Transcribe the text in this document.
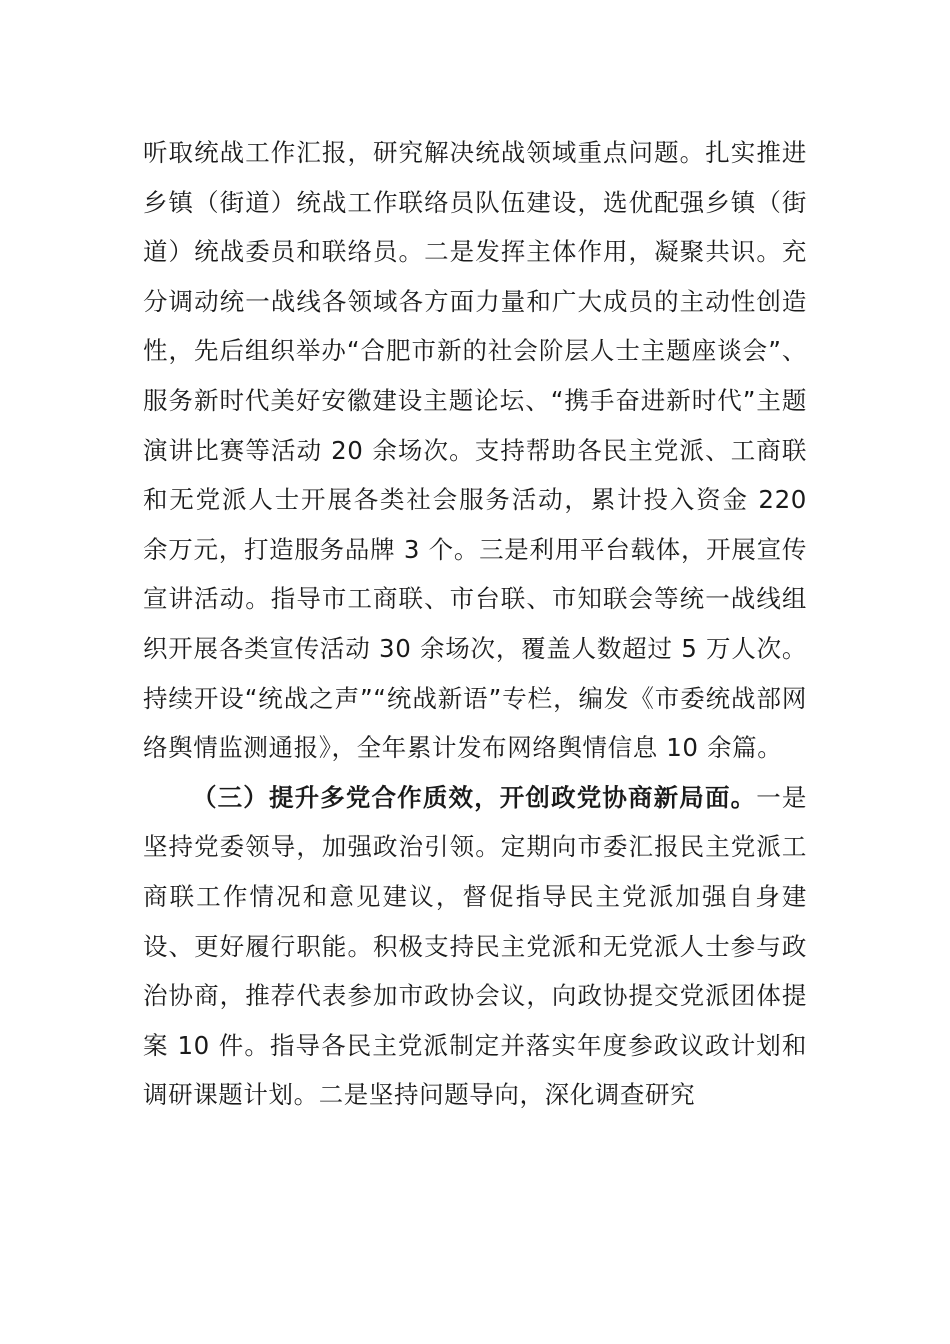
听取统战工作汇报，研究解决统战领域重点问题。扎实推进乡镇（街道）统战工作联络员队伍建设，选优配强乡镇（街道）统战委员和联络员。二是发挥主体作用，凝聚共识。充分调动统一战线各领域各方面力量和广大成员的主动性创造性，先后组织举办“合肥市新的社会阶层人士主题座谈会”、服务新时代美好安徽建设主题论坛、“携手奋进新时代”主题演讲比赛等活动 20 余场次。支持帮助各民主党派、工商联和无党派人士开展各类社会服务活动，累计投入资金 220 余万元，打造服务品牌 3 个。三是利用平台载体，开展宣传宣讲活动。指导市工商联、市台联、市知联会等统一战线组织开展各类宣传活动 30 余场次，覆盖人数超过 5 万人次。持续开设“统战之声”“统战新语”专栏，编发《市委统战部网络舆情监测通报》，全年累计发布网络舆情信息 10 余篇。

（三）提升多党合作质效，开创政党协商新局面。一是坚持党委领导，加强政治引领。定期向市委汇报民主党派工商联工作情况和意见建议，督促指导民主党派加强自身建设、更好履行职能。积极支持民主党派和无党派人士参与政治协商，推荐代表参加市政协会议，向政协提交党派团体提案 10 件。指导各民主党派制定并落实年度参政议政计划和调研课题计划。二是坚持问题导向，深化调查研究
